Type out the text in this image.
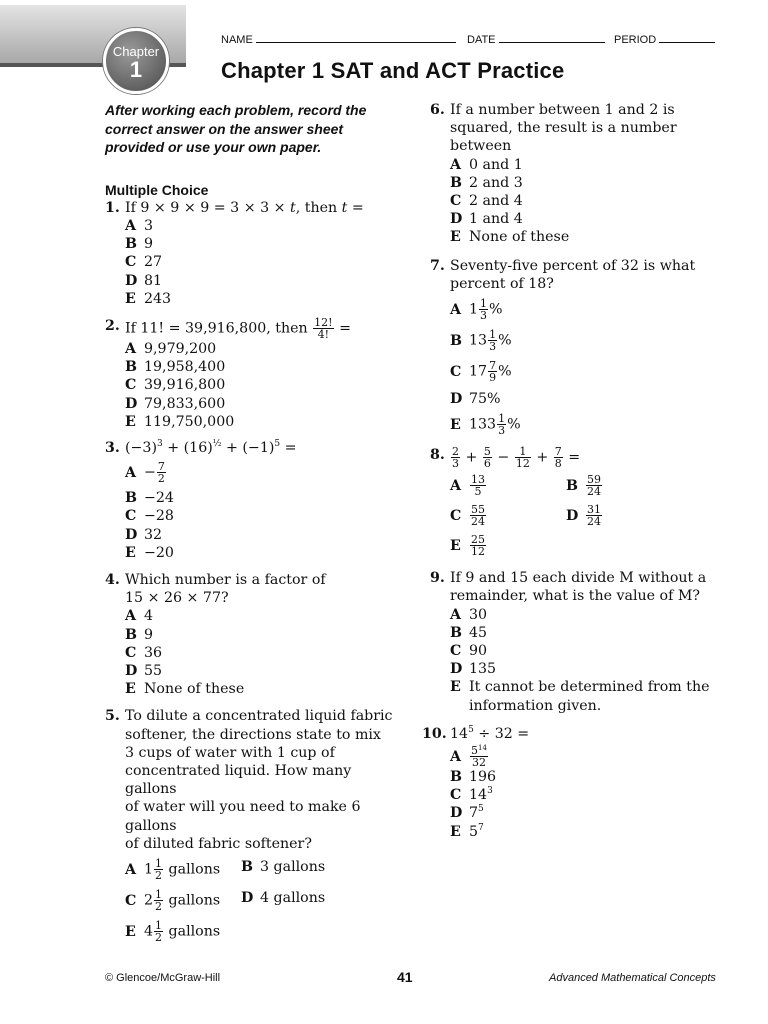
Chapter
1
NAME	DATE	PERIOD
Chapter 1 SAT and ACT Practice
After working each problem, record the correct answer on the answer sheet provided or use your own paper.
Multiple Choice
1. If 9 × 9 × 9 = 3 × 3 × t, then t =
A 3
B 9
C 27
D 81
E 243
2. If 11! = 39,916,800, then $\frac{12!}{4!}$ =
A 9,979,200
B 19,958,400
C 39,916,800
D 79,833,600
E 119,750,000
3. $(-3)^3 + (16)^{\frac{1}{2}} + (-1)^5$ =
$A - \frac{7}{2}$
B −24
C −28
D 32
E −20
4. Which number is a factor of
15 × 26 × 77?
A 4
B 9
C 36
D 55
E None of these
5. To dilute a concentrated liquid fabric
softener, the directions state to mix
3 cups of water with 1 cup of
concentrated liquid. How many gallons
of water will you need to make 6 gallons
of diluted fabric softener?
A $1 \frac{1}{2}$ gallons	B 3 gallons
C $2 \frac{1}{2}$ gallons	D 4 gallons
E $4 \frac{1}{2}$ gallons
6. If a number between 1 and 2 is
squared, the result is a number
between
A 0 and 1
B 2 and 3
C 2 and 4
D 1 and 4
E None of these
7. Seventy-five percent of 32 is what
percent of 18?
A $1 \frac{1}{3}$ %
B $13 \frac{1}{3}$ %
C $17 \frac{7}{9}$ %
D 75%
E $133 \frac{1}{3}$ %
8. $\frac{2}{3} + \frac{5}{6} - \frac{1}{12} + \frac{7}{8}$ =
A $\frac{13}{5}$	B $\frac{59}{24}$
C $\frac{55}{24}$	D $\frac{31}{24}$
E $\frac{25}{12}$
9. If 9 and 15 each divide M without a
remainder, what is the value of M?
A 30
B 45
C 90
D 135
E It cannot be determined from the
information given.
10. $14^5 \div 32$ =
A $\frac{5^{14}}{32}$
B 196
C $14^3$
D $7^5$
E $5^7$
© Glencoe/McGraw-Hill	41	Advanced Mathematical Concepts
